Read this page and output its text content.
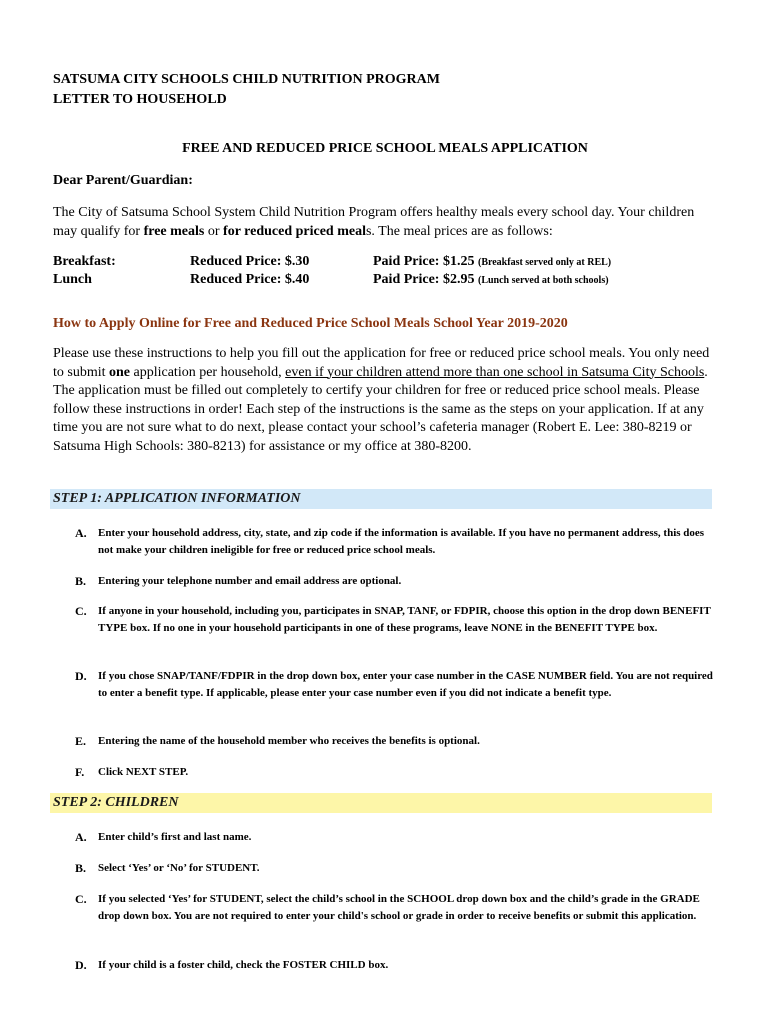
SATSUMA CITY SCHOOLS CHILD NUTRITION PROGRAM
LETTER TO HOUSEHOLD
FREE AND REDUCED PRICE SCHOOL MEALS APPLICATION
Dear Parent/Guardian:
The City of Satsuma School System Child Nutrition Program offers healthy meals every school day. Your children may qualify for free meals or for reduced priced meals. The meal prices are as follows:
Breakfast:	Reduced Price: $.30	Paid Price: $1.25 (Breakfast served only at REL)
Lunch	Reduced Price: $.40	Paid Price: $2.95 (Lunch served at both schools)
How to Apply Online for Free and Reduced Price School Meals School Year 2019-2020
Please use these instructions to help you fill out the application for free or reduced price school meals. You only need to submit one application per household, even if your children attend more than one school in Satsuma City Schools. The application must be filled out completely to certify your children for free or reduced price school meals. Please follow these instructions in order! Each step of the instructions is the same as the steps on your application. If at any time you are not sure what to do next, please contact your school’s cafeteria manager (Robert E. Lee: 380-8219 or Satsuma High Schools: 380-8213) for assistance or my office at 380-8200.
STEP 1: APPLICATION INFORMATION
A. Enter your household address, city, state, and zip code if the information is available. If you have no permanent address, this does not make your children ineligible for free or reduced price school meals.
B. Entering your telephone number and email address are optional.
C. If anyone in your household, including you, participates in SNAP, TANF, or FDPIR, choose this option in the drop down BENEFIT TYPE box. If no one in your household participants in one of these programs, leave NONE in the BENEFIT TYPE box.
D. If you chose SNAP/TANF/FDPIR in the drop down box, enter your case number in the CASE NUMBER field. You are not required to enter a benefit type. If applicable, please enter your case number even if you did not indicate a benefit type.
E. Entering the name of the household member who receives the benefits is optional.
F. Click NEXT STEP.
STEP 2: CHILDREN
A. Enter child’s first and last name.
B. Select ‘Yes’ or ‘No’ for STUDENT.
C. If you selected ‘Yes’ for STUDENT, select the child’s school in the SCHOOL drop down box and the child’s grade in the GRADE drop down box. You are not required to enter your child's school or grade in order to receive benefits or submit this application.
D. If your child is a foster child, check the FOSTER CHILD box.
